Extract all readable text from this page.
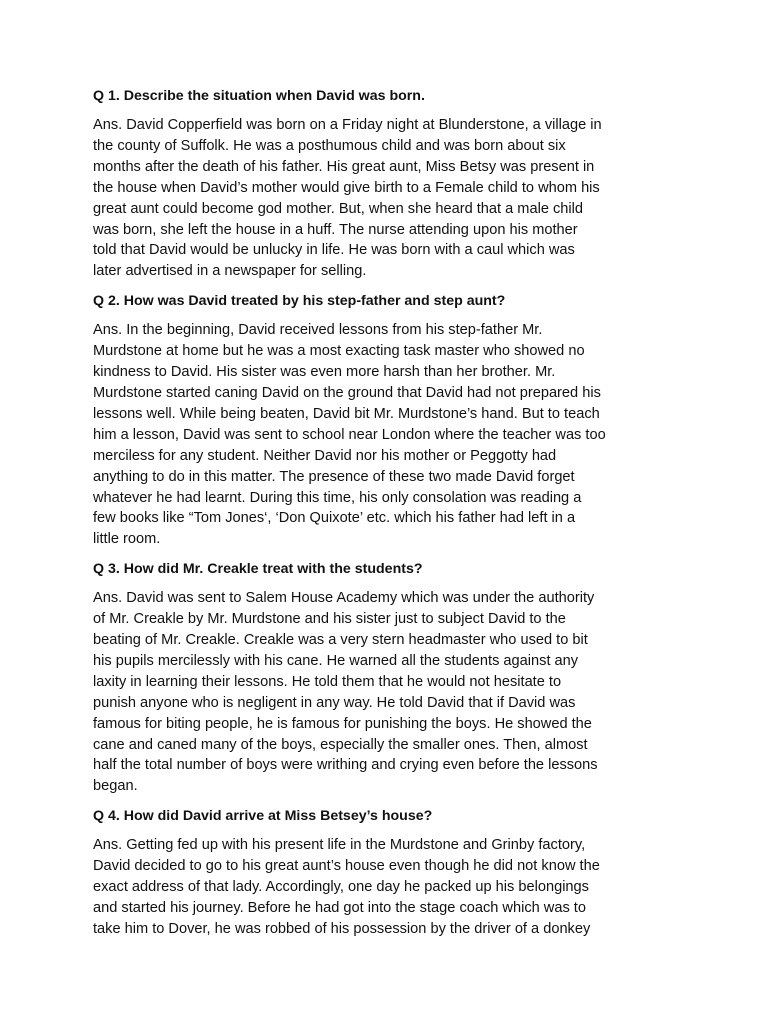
Q 1. Describe the situation when David was born.

Ans. David Copperfield was born on a Friday night at Blunderstone, a village in
the county of Suffolk. He was a posthumous child and was born about six
months after the death of his father. His great aunt, Miss Betsy was present in
the house when David’s mother would give birth to a Female child to whom his
great aunt could become god mother. But, when she heard that a male child
was born, she left the house in a huff. The nurse attending upon his mother
told that David would be unlucky in life. He was born with a caul which was
later advertised in a newspaper for selling.

Q 2. How was David treated by his step-father and step aunt?

Ans. In the beginning, David received lessons from his step-father Mr.
Murdstone at home but he was a most exacting task master who showed no
kindness to David. His sister was even more harsh than her brother. Mr.
Murdstone started caning David on the ground that David had not prepared his
lessons well. While being beaten, David bit Mr. Murdstone’s hand. But to teach
him a lesson, David was sent to school near London where the teacher was too
merciless for any student. Neither David nor his mother or Peggotty had
anything to do in this matter. The presence of these two made David forget
whatever he had learnt. During this time, his only consolation was reading a
few books like “Tom Jones‘, ‘Don Quixote’ etc. which his father had left in a
little room.

Q 3. How did Mr. Creakle treat with the students?

Ans. David was sent to Salem House Academy which was under the authority
of Mr. Creakle by Mr. Murdstone and his sister just to subject David to the
beating of Mr. Creakle. Creakle was a very stern headmaster who used to bit
his pupils mercilessly with his cane. He warned all the students against any
laxity in learning their lessons. He told them that he would not hesitate to
punish anyone who is negligent in any way. He told David that if David was
famous for biting people, he is famous for punishing the boys. He showed the
cane and caned many of the boys, especially the smaller ones. Then, almost
half the total number of boys were writhing and crying even before the lessons
began.

Q 4. How did David arrive at Miss Betsey’s house?

Ans. Getting fed up with his present life in the Murdstone and Grinby factory,
David decided to go to his great aunt’s house even though he did not know the
exact address of that lady. Accordingly, one day he packed up his belongings
and started his journey. Before he had got into the stage coach which was to
take him to Dover, he was robbed of his possession by the driver of a donkey
